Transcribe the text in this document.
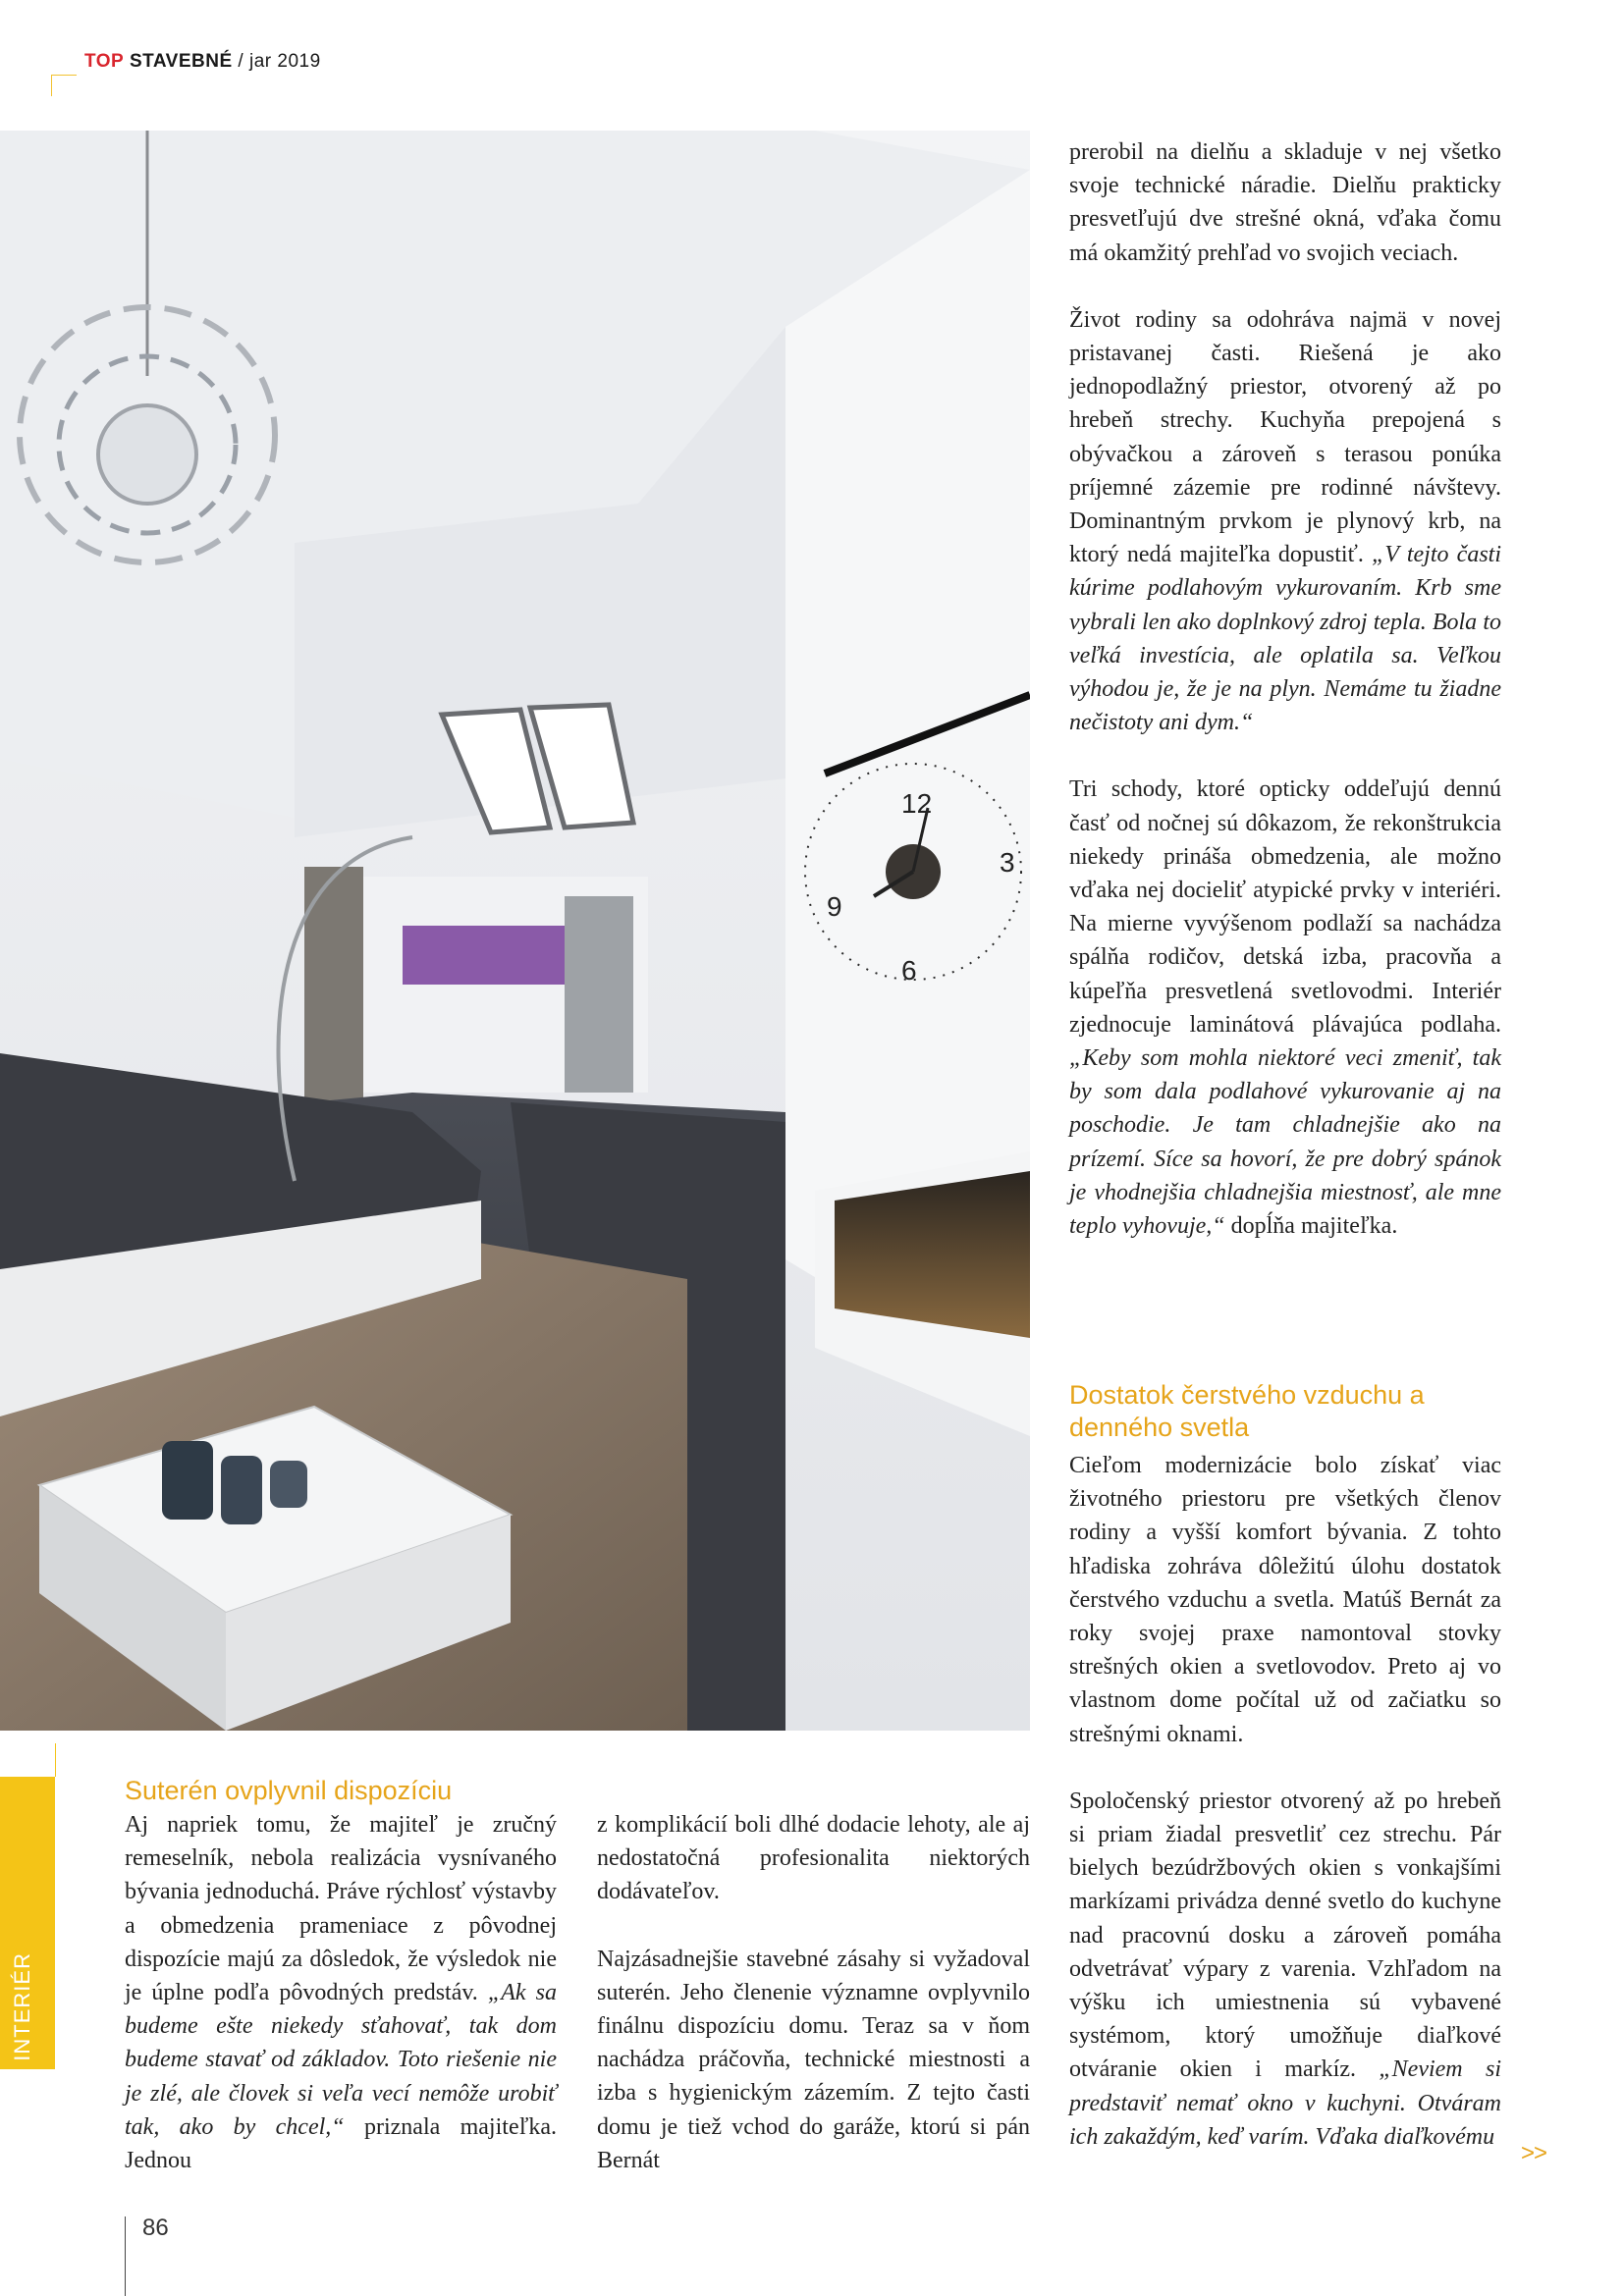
TOP STAVEBNÉ / jar 2019
12
3
6
9

prerobil na dielňu a skladuje v nej všetko svoje technické náradie. Dielňu prakticky presvetľujú dve strešné okná, vďaka čomu má okamžitý prehľad vo svojich veciach.

Život rodiny sa odohráva najmä v novej pristavanej časti. Riešená je ako jednopodlažný priestor, otvorený až po hrebeň strechy. Kuchyňa prepojená s obývačkou a zároveň s terasou ponúka príjemné zázemie pre rodinné návštevy. Dominantným prvkom je plynový krb, na ktorý nedá majiteľka dopustiť. „V tejto časti kúrime podlahovým vykurovaním. Krb sme vybrali len ako doplnkový zdroj tepla. Bola to veľká investícia, ale oplatila sa. Veľkou výhodou je, že je na plyn. Nemáme tu žiadne nečistoty ani dym.“

Tri schody, ktoré opticky oddeľujú dennú časť od nočnej sú dôkazom, že rekonštrukcia niekedy prináša obmedzenia, ale možno vďaka nej docieliť atypické prvky v interiéri. Na mierne vyvýšenom podlaží sa nachádza spálňa rodičov, detská izba, pracovňa a kúpeľňa presvetlená svetlovodmi. Interiér zjednocuje laminátová plávajúca podlaha. „Keby som mohla niektoré veci zmeniť, tak by som dala podlahové vykurovanie aj na poschodie. Je tam chladnejšie ako na prízemí. Síce sa hovorí, že pre dobrý spánok je vhodnejšia chladnejšia miestnosť, ale mne teplo vyhovuje,“ dopĺňa majiteľka.

Dostatok čerstvého vzduchu a denného svetla
INTERIÉR
Suterén ovplyvnil dispozíciu

Aj napriek tomu, že majiteľ je zručný remeselník, nebola realizácia vysnívaného bývania jednoduchá. Práve rýchlosť výstavby a obmedzenia prameniace z pôvodnej dispozície majú za dôsledok, že výsledok nie je úplne podľa pôvodných predstáv. „Ak sa budeme ešte niekedy sťahovať, tak dom budeme stavať od základov. Toto riešenie nie je zlé, ale človek si veľa vecí nemôže urobiť tak, ako by chcel,“ priznala majiteľka. Jednou

z komplikácií boli dlhé dodacie lehoty, ale aj nedostatočná profesionalita niektorých dodávateľov.

Najzásadnejšie stavebné zásahy si vyžadoval suterén. Jeho členenie významne ovplyvnilo finálnu dispozíciu domu. Teraz sa v ňom nachádza práčovňa, technické miestnosti a izba s hygienickým zázemím. Z tejto časti domu je tiež vchod do garáže, ktorú si pán Bernát

Cieľom modernizácie bolo získať viac životného priestoru pre všetkých členov rodiny a vyšší komfort bývania. Z tohto hľadiska zohráva dôležitú úlohu dostatok čerstvého vzduchu a svetla. Matúš Bernát za roky svojej praxe namontoval stovky strešných okien a svetlovodov. Preto aj vo vlastnom dome počítal už od začiatku so strešnými oknami.

Spoločenský priestor otvorený až po hrebeň si priam žiadal presvetliť cez strechu. Pár bielych bezúdržbových okien s vonkajšími markízami privádza denné svetlo do kuchyne nad pracovnú dosku a zároveň pomáha odvetrávať výpary z varenia. Vzhľadom na výšku ich umiestnenia sú vybavené systémom, ktorý umožňuje diaľkové otváranie okien i markíz. „Neviem si predstaviť nemať okno v kuchyni. Otváram ich zakaždým, keď varím. Vďaka diaľkovému

>>
86
